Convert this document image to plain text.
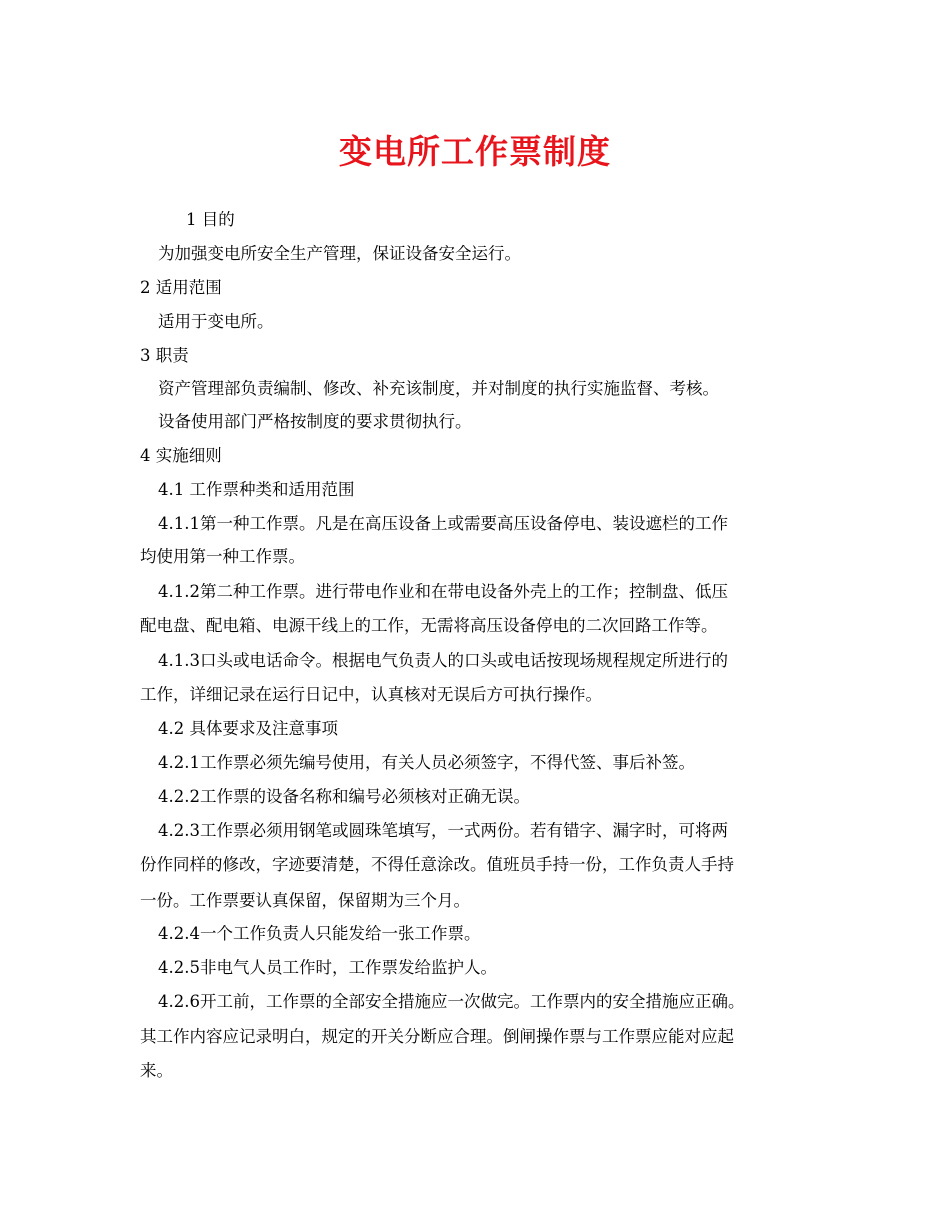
变电所工作票制度
1 目的
为加强变电所安全生产管理，保证设备安全运行。
2 适用范围
适用于变电所。
3 职责
资产管理部负责编制、修改、补充该制度，并对制度的执行实施监督、考核。
设备使用部门严格按制度的要求贯彻执行。
4 实施细则
4.1 工作票种类和适用范围
4.1.1第一种工作票。凡是在高压设备上或需要高压设备停电、装设遮栏的工作
均使用第一种工作票。
4.1.2第二种工作票。进行带电作业和在带电设备外壳上的工作；控制盘、低压
配电盘、配电箱、电源干线上的工作，无需将高压设备停电的二次回路工作等。
4.1.3口头或电话命令。根据电气负责人的口头或电话按现场规程规定所进行的
工作，详细记录在运行日记中，认真核对无误后方可执行操作。
4.2 具体要求及注意事项
4.2.1工作票必须先编号使用，有关人员必须签字，不得代签、事后补签。
4.2.2工作票的设备名称和编号必须核对正确无误。
4.2.3工作票必须用钢笔或圆珠笔填写，一式两份。若有错字、漏字时，可将两
份作同样的修改，字迹要清楚，不得任意涂改。值班员手持一份，工作负责人手持
一份。工作票要认真保留，保留期为三个月。
4.2.4一个工作负责人只能发给一张工作票。
4.2.5非电气人员工作时，工作票发给监护人。
4.2.6开工前，工作票的全部安全措施应一次做完。工作票内的安全措施应正确。
其工作内容应记录明白，规定的开关分断应合理。倒闸操作票与工作票应能对应起
来。
